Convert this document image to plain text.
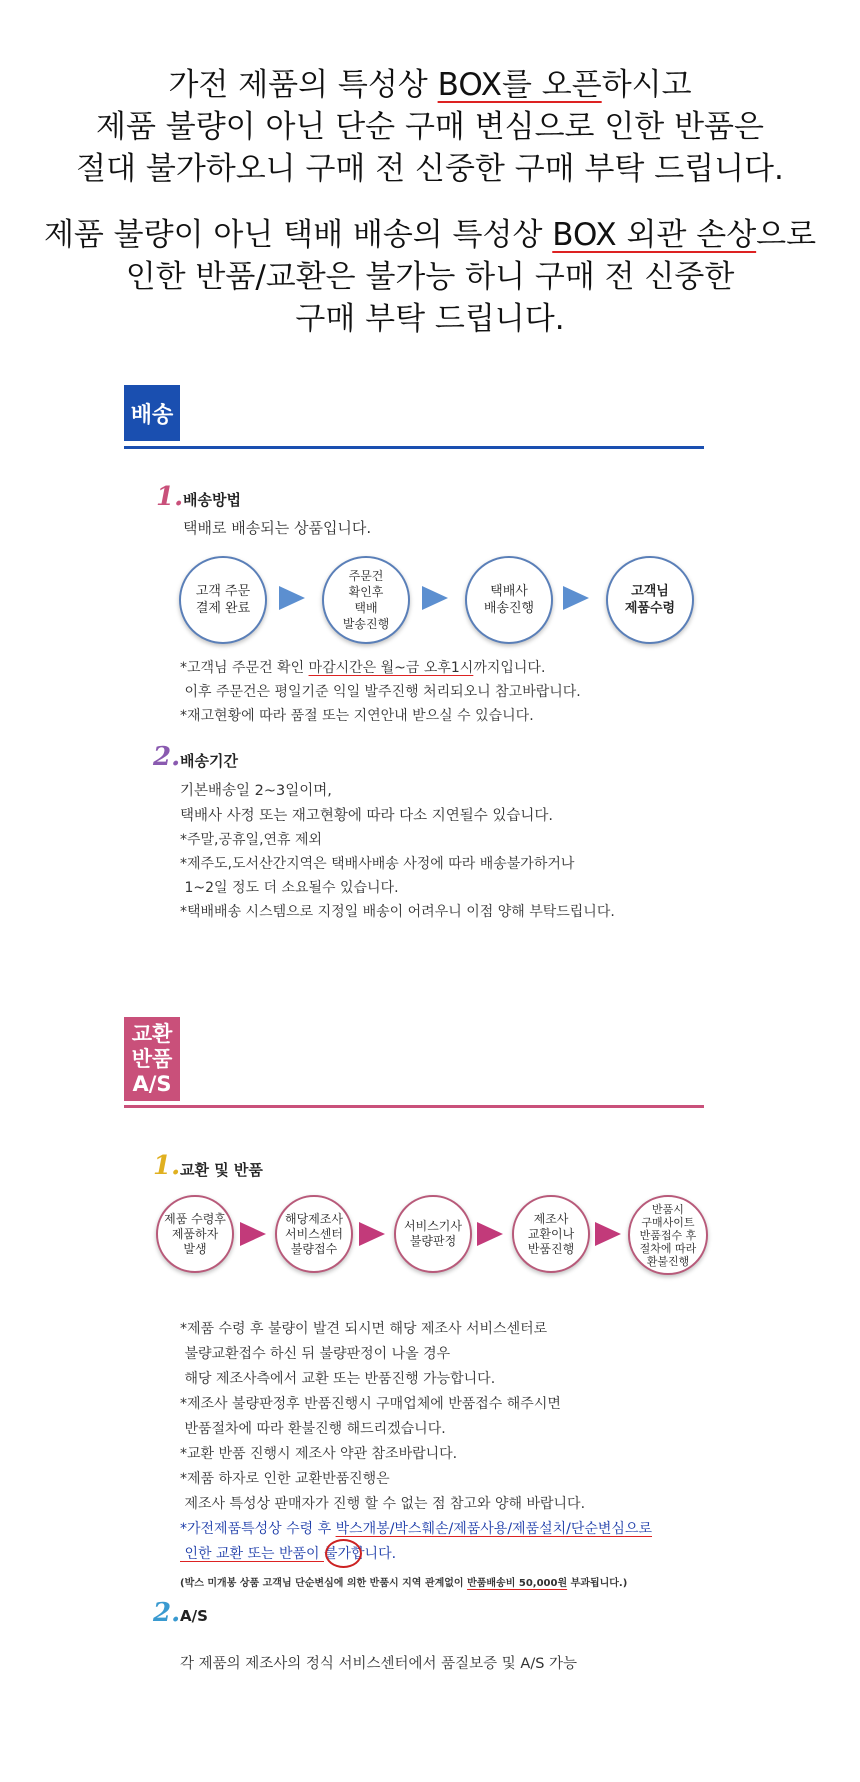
가전 제품의 특성상 BOX를 오픈하시고
제품 불량이 아닌 단순 구매 변심으로 인한 반품은
절대 불가하오니 구매 전 신중한 구매 부탁 드립니다.
제품 불량이 아닌 택배 배송의 특성상 BOX 외관 손상으로
인한 반품/교환은 불가능 하니 구매 전 신중한
구매 부탁 드립니다.
배송
1. 배송방법
택배로 배송되는 상품입니다.
고객 주문
결제 완료
주문건
확인후
택배
발송진행
택배사
배송진행
고객님
제품수령
*고객님 주문건 확인 마감시간은 월~금 오후1시까지입니다.
이후 주문건은 평일기준 익일 발주진행 처리되오니 참고바랍니다.
*재고현황에 따라 품절 또는 지연안내 받으실 수 있습니다.
2. 배송기간
기본배송일 2~3일이며,
택배사 사정 또는 재고현황에 따라 다소 지연될수 있습니다.
*주말,공휴일,연휴 제외
*제주도,도서산간지역은 택배사배송 사정에 따라 배송불가하거나
1~2일 정도 더 소요될수 있습니다.
*택배배송 시스템으로 지정일 배송이 어려우니 이점 양해 부탁드립니다.
교환
반품
A/S
1. 교환 및 반품
제품 수령후
제품하자
발생
해당제조사
서비스센터
불량접수
서비스기사
불량판정
제조사
교환이나
반품진행
반품시
구매사이트
반품접수 후
절차에 따라
환불진행
*제품 수령 후 불량이 발견 되시면 해당 제조사 서비스센터로
불량교환접수 하신 뒤 불량판정이 나올 경우
해당 제조사측에서 교환 또는 반품진행 가능합니다.
*제조사 불량판정후 반품진행시 구매업체에 반품접수 해주시면
반품절차에 따라 환불진행 해드리겠습니다.
*교환 반품 진행시 제조사 약관 참조바랍니다.
*제품 하자로 인한 교환반품진행은
제조사 특성상 판매자가 진행 할 수 없는 점 참고와 양해 바랍니다.
*가전제품특성상 수령 후 박스개봉/박스훼손/제품사용/제품설치/단순변심으로
인한 교환 또는 반품이 불가합니다.
(박스 미개봉 상품 고객님 단순변심에 의한 반품시 지역 관계없이 반품배송비 50,000원 부과됩니다.)
2. A/S
각 제품의 제조사의 정식 서비스센터에서 품질보증 및 A/S 가능
